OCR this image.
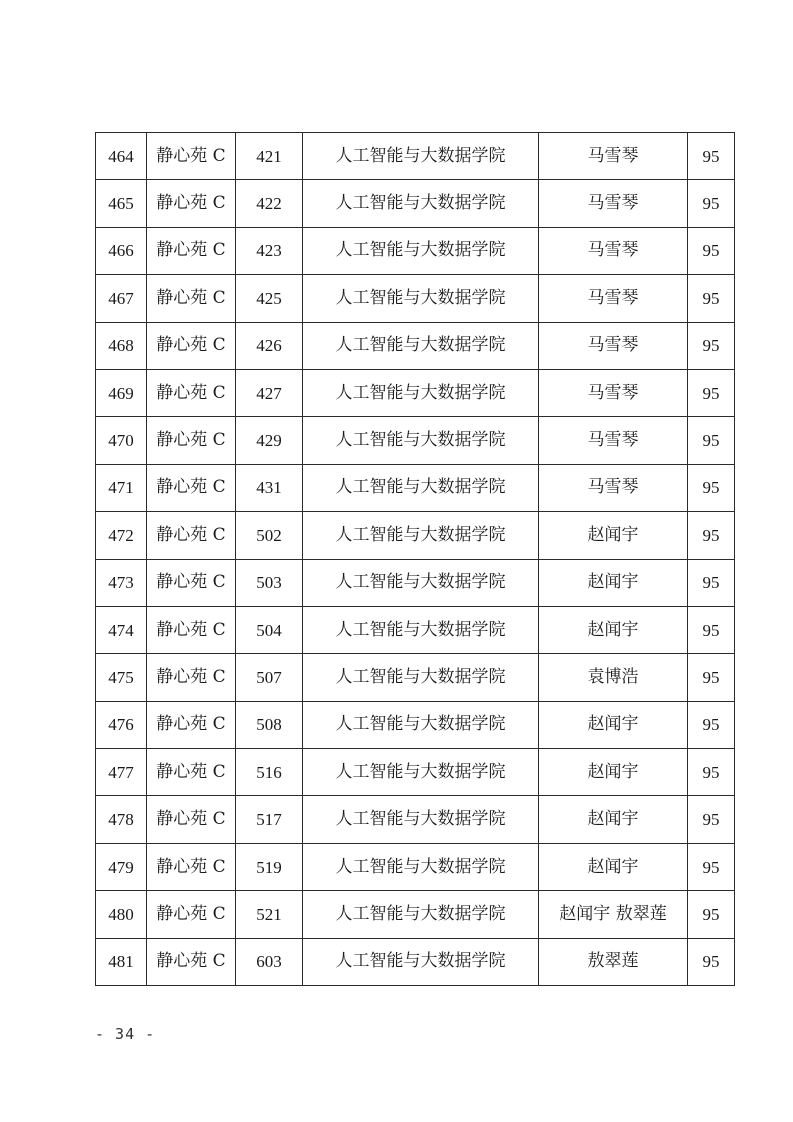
464	静心苑 C	421	人工智能与大数据学院	马雪琴	95
465	静心苑 C	422	人工智能与大数据学院	马雪琴	95
466	静心苑 C	423	人工智能与大数据学院	马雪琴	95
467	静心苑 C	425	人工智能与大数据学院	马雪琴	95
468	静心苑 C	426	人工智能与大数据学院	马雪琴	95
469	静心苑 C	427	人工智能与大数据学院	马雪琴	95
470	静心苑 C	429	人工智能与大数据学院	马雪琴	95
471	静心苑 C	431	人工智能与大数据学院	马雪琴	95
472	静心苑 C	502	人工智能与大数据学院	赵闻宇	95
473	静心苑 C	503	人工智能与大数据学院	赵闻宇	95
474	静心苑 C	504	人工智能与大数据学院	赵闻宇	95
475	静心苑 C	507	人工智能与大数据学院	袁博浩	95
476	静心苑 C	508	人工智能与大数据学院	赵闻宇	95
477	静心苑 C	516	人工智能与大数据学院	赵闻宇	95
478	静心苑 C	517	人工智能与大数据学院	赵闻宇	95
479	静心苑 C	519	人工智能与大数据学院	赵闻宇	95
480	静心苑 C	521	人工智能与大数据学院	赵闻宇 敖翠莲	95
481	静心苑 C	603	人工智能与大数据学院	敖翠莲	95
- 34 -
